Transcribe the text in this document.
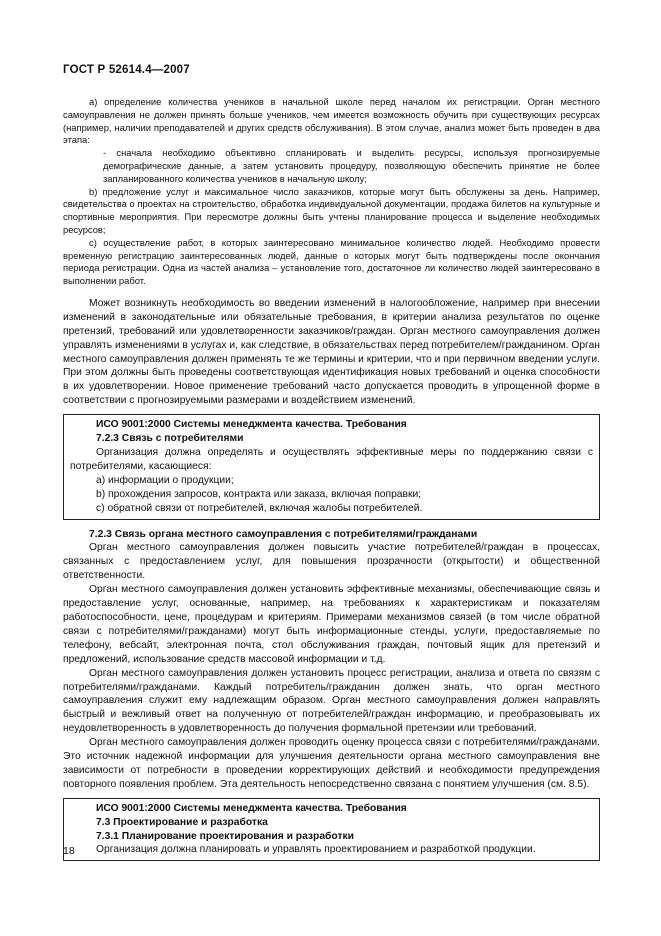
ГОСТ Р 52614.4—2007

а) определение количества учеников в начальной школе перед началом их регистрации. Орган местного самоуправления не должен принять больше учеников, чем имеется возможность обучить при существующих ресурсах (например, наличии преподавателей и других средств обслуживания). В этом случае, анализ может быть проведен в два этапа:

- сначала необходимо объективно спланировать и выделить ресурсы, используя прогнозируемые демографические данные, а затем установить процедуру, позволяющую обеспечить принятие не более запланированного количества учеников в начальную школу;

b) предложение услуг и максимальное число заказчиков, которые могут быть обслужены за день. Например, свидетельства о проектах на строительство, обработка индивидуальной документации, продажа билетов на культурные и спортивные мероприятия. При пересмотре должны быть учтены планирование процесса и выделение необходимых ресурсов;

с) осуществление работ, в которых заинтересовано минимальное количество людей. Необходимо провести временную регистрацию заинтересованных людей, данные о которых могут быть подтверждены после окончания периода регистрации. Одна из частей анализа – установление того, достаточное ли количество людей заинтересовано в выполнении работ.

Может возникнуть необходимость во введении изменений в налогообложение, например при внесении изменений в законодательные или обязательные требования, в критерии анализа результатов по оценке претензий, требований или удовлетворенности заказчиков/граждан. Орган местного самоуправления должен управлять изменениями в услугах и, как следствие, в обязательствах перед потребителем/гражданином. Орган местного самоуправления должен применять те же термины и критерии, что и при первичном введении услуги. При этом должны быть проведены соответствующая идентификация новых требований и оценка способности в их удовлетворении. Новое применение требований часто допускается проводить в упрощенной форме в соответствии с прогнозируемыми размерами и воздействием изменений.

ИСО 9001:2000 Системы менеджмента качества. Требования

7.2.3 Связь с потребителями

Организация должна определять и осуществлять эффективные меры по поддержанию связи с потребителями, касающиеся:

а) информации о продукции;

b) прохождения запросов, контракта или заказа, включая поправки;

с) обратной связи от потребителей, включая жалобы потребителей.

7.2.3 Связь органа местного самоуправления с потребителями/гражданами

Орган местного самоуправления должен повысить участие потребителей/граждан в процессах, связанных с предоставлением услуг, для повышения прозрачности (открытости) и общественной ответственности.

Орган местного самоуправления должен установить эффективные механизмы, обеспечивающие связь и предоставление услуг, основанные, например, на требованиях к характеристикам и показателям работоспособности, цене, процедурам и критериям. Примерами механизмов связей (в том числе обратной связи с потребителями/гражданами) могут быть информационные стенды, услуги, предоставляемые по телефону, вебсайт, электронная почта, стол обслуживания граждан, почтовый ящик для претензий и предложений, использование средств массовой информации и т.д.

Орган местного самоуправления должен установить процесс регистрации, анализа и ответа по связям с потребителями/гражданами. Каждый потребитель/гражданин должен знать, что орган местного самоуправления служит ему надлежащим образом. Орган местного самоуправления должен направлять быстрый и вежливый ответ на полученную от потребителей/граждан информацию, и преобразовывать их неудовлетворенность в удовлетворенность до получения формальной претензии или требований.

Орган местного самоуправления должен проводить оценку процесса связи с потребителями/гражданами. Это источник надежной информации для улучшения деятельности органа местного самоуправления вне зависимости от потребности в проведении корректирующих действий и необходимости предупреждения повторного появления проблем. Эта деятельность непосредственно связана с понятием улучшения (см. 8.5).

ИСО 9001:2000 Системы менеджмента качества. Требования

7.3 Проектирование и разработка

7.3.1 Планирование проектирования и разработки

Организация должна планировать и управлять проектированием и разработкой продукции.

18
